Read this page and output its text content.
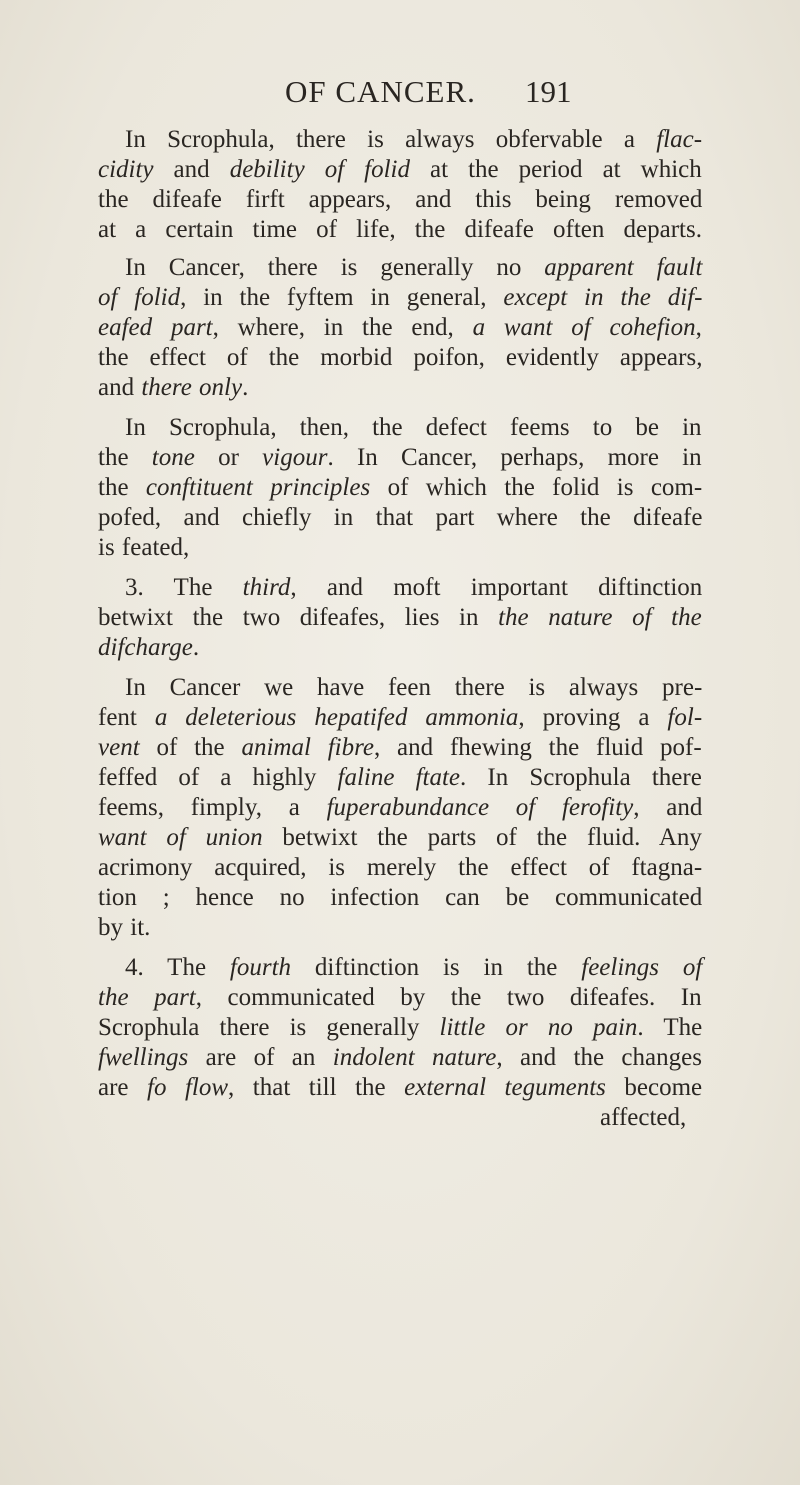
OF CANCER. 191
In Scrophula, there is always obfervable a flac-
cidity and debility of folid at the period at which
the difeafe firft appears, and this being removed
at a certain time of life, the difeafe often departs.
In Cancer, there is generally no apparent fault
of folid, in the fyftem in general, except in the dif-
eafed part, where, in the end, a want of cohefion,
the effect of the morbid poifon, evidently appears,
and there only.
In Scrophula, then, the defect feems to be in
the tone or vigour. In Cancer, perhaps, more in
the conftituent principles of which the folid is com-
pofed, and chiefly in that part where the difeafe
is feated,
3. The third, and moft important diftinction
betwixt the two difeafes, lies in the nature of the
difcharge.
In Cancer we have feen there is always pre-
fent a deleterious hepatifed ammonia, proving a fol-
vent of the animal fibre, and fhewing the fluid pof-
feffed of a highly faline ftate. In Scrophula there
feems, fimply, a fuperabundance of ferofity, and
want of union betwixt the parts of the fluid. Any
acrimony acquired, is merely the effect of ftagna-
tion ; hence no infection can be communicated
by it.
4. The fourth diftinction is in the feelings of
the part, communicated by the two difeafes. In
Scrophula there is generally little or no pain. The
fwellings are of an indolent nature, and the changes
are fo flow, that till the external teguments become
affected,
